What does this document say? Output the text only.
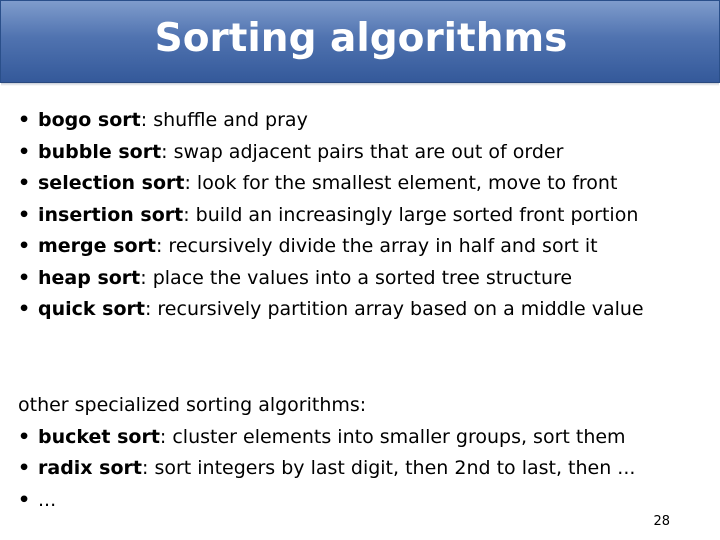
Sorting algorithms
• bogo sort: shuffle and pray
• bubble sort: swap adjacent pairs that are out of order
• selection sort: look for the smallest element, move to front
• insertion sort: build an increasingly large sorted front portion
• merge sort: recursively divide the array in half and sort it
• heap sort: place the values into a sorted tree structure
• quick sort: recursively partition array based on a middle value
other specialized sorting algorithms:
• bucket sort: cluster elements into smaller groups, sort them
• radix sort: sort integers by last digit, then 2nd to last, then ...
• ...
28
